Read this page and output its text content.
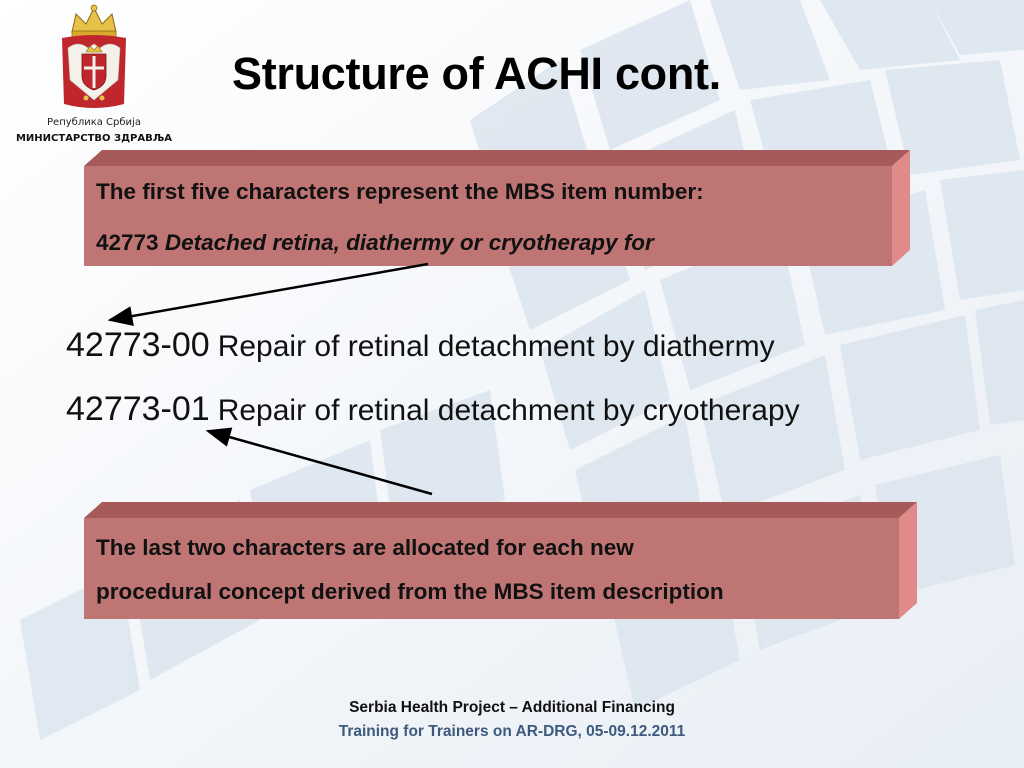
Република Србија
МИНИСТАРСТВО ЗДРАВЉА
Structure of ACHI cont.
The first five characters represent the MBS item number:
42773 Detached retina, diathermy or cryotherapy for
42773-00 Repair of retinal detachment by diathermy
42773-01 Repair of retinal detachment by cryotherapy
The last two characters are allocated for each new
procedural concept derived from the MBS item description
Serbia Health Project – Additional Financing
Training for Trainers on AR-DRG, 05-09.12.2011
